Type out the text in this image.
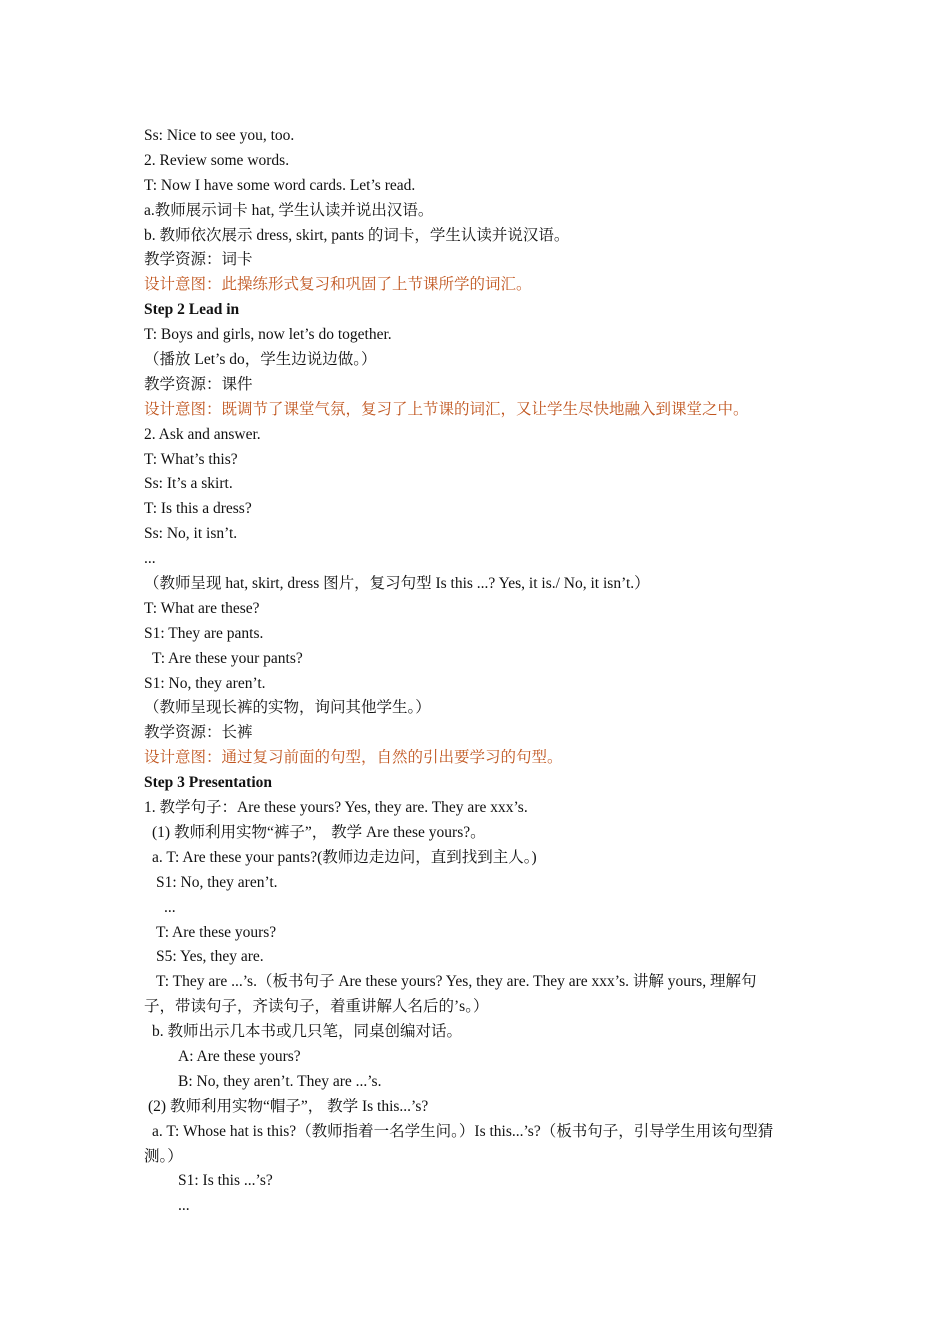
Ss: Nice to see you, too.
2. Review some words.
T: Now I have some word cards. Let’s read.
a.教师展示词卡 hat, 学生认读并说出汉语。
b. 教师依次展示 dress, skirt, pants 的词卡，学生认读并说汉语。
教学资源：词卡
设计意图：此操练形式复习和巩固了上节课所学的词汇。
Step 2 Lead in
T: Boys and girls, now let’s do together.
（播放 Let’s do，学生边说边做。）
教学资源：课件
设计意图：既调节了课堂气氛，复习了上节课的词汇，又让学生尽快地融入到课堂之中。
2. Ask and answer.
T: What’s this?
Ss: It’s a skirt.
T: Is this a dress?
Ss: No, it isn’t.
...
（教师呈现 hat, skirt, dress 图片，复习句型 Is this ...? Yes, it is./ No, it isn’t.）
T: What are these?
S1: They are pants.
T: Are these your pants?
S1: No, they aren’t.
（教师呈现长裤的实物，询问其他学生。）
教学资源：长裤
设计意图：通过复习前面的句型，自然的引出要学习的句型。
Step 3 Presentation
1. 教学句子：Are these yours? Yes, they are. They are xxx’s.
(1) 教师利用实物“裤子”， 教学 Are these yours?。
a. T: Are these your pants?(教师边走边问，直到找到主人。)
S1: No, they aren’t.
...
T: Are these yours?
S5: Yes, they are.
T: They are ...’s.（板书句子 Are these yours? Yes, they are. They are xxx’s. 讲解 yours, 理解句
子，带读句子，齐读句子，着重讲解人名后的’s。）
b. 教师出示几本书或几只笔，同桌创编对话。
A: Are these yours?
B: No, they aren’t. They are ...’s.
(2) 教师利用实物“帽子”， 教学 Is this...’s?
a. T: Whose hat is this?（教师指着一名学生问。）Is this...’s?（板书句子，引导学生用该句型猜
测。）
S1: Is this ...’s?
...
